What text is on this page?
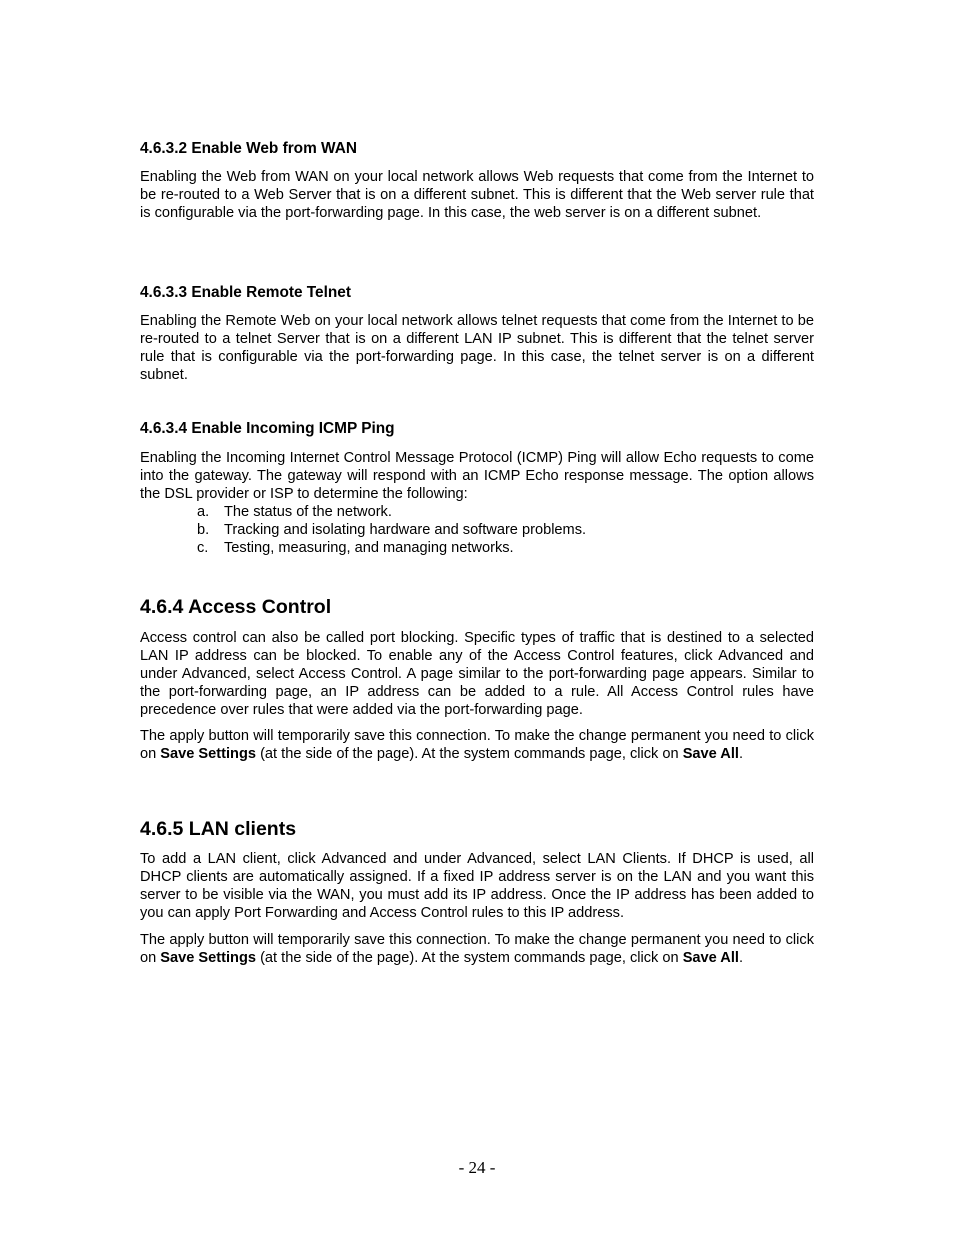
4.6.3.2 Enable Web from WAN

Enabling the Web from WAN on your local network allows Web requests that come from the Internet to be re-routed to a Web Server that is on a different subnet. This is different that the Web server rule that is configurable via the port-forwarding page. In this case, the web server is on a different subnet.

4.6.3.3 Enable Remote Telnet

Enabling the Remote Web on your local network allows telnet requests that come from the Internet to be re-routed to a telnet Server that is on a different LAN IP subnet. This is different that the telnet server rule that is configurable via the port-forwarding page. In this case, the telnet server is on a different subnet.

4.6.3.4 Enable Incoming ICMP Ping

Enabling the Incoming Internet Control Message Protocol (ICMP) Ping will allow Echo requests to come into the gateway. The gateway will respond with an ICMP Echo response message. The option allows the DSL provider or ISP to determine the following:

a. The status of the network.
b. Tracking and isolating hardware and software problems.
c. Testing, measuring, and managing networks.
4.6.4 Access Control

Access control can also be called port blocking. Specific types of traffic that is destined to a selected LAN IP address can be blocked. To enable any of the Access Control features, click Advanced and under Advanced, select Access Control. A page similar to the port-forwarding page appears. Similar to the port-forwarding page, an IP address can be added to a rule. All Access Control rules have precedence over rules that were added via the port-forwarding page.

The apply button will temporarily save this connection. To make the change permanent you need to click on Save Settings (at the side of the page). At the system commands page, click on Save All.

4.6.5 LAN clients

To add a LAN client, click Advanced and under Advanced, select LAN Clients. If DHCP is used, all DHCP clients are automatically assigned. If a fixed IP address server is on the LAN and you want this server to be visible via the WAN, you must add its IP address. Once the IP address has been added to you can apply Port Forwarding and Access Control rules to this IP address.

The apply button will temporarily save this connection. To make the change permanent you need to click on Save Settings (at the side of the page). At the system commands page, click on Save All.

- 24 -
